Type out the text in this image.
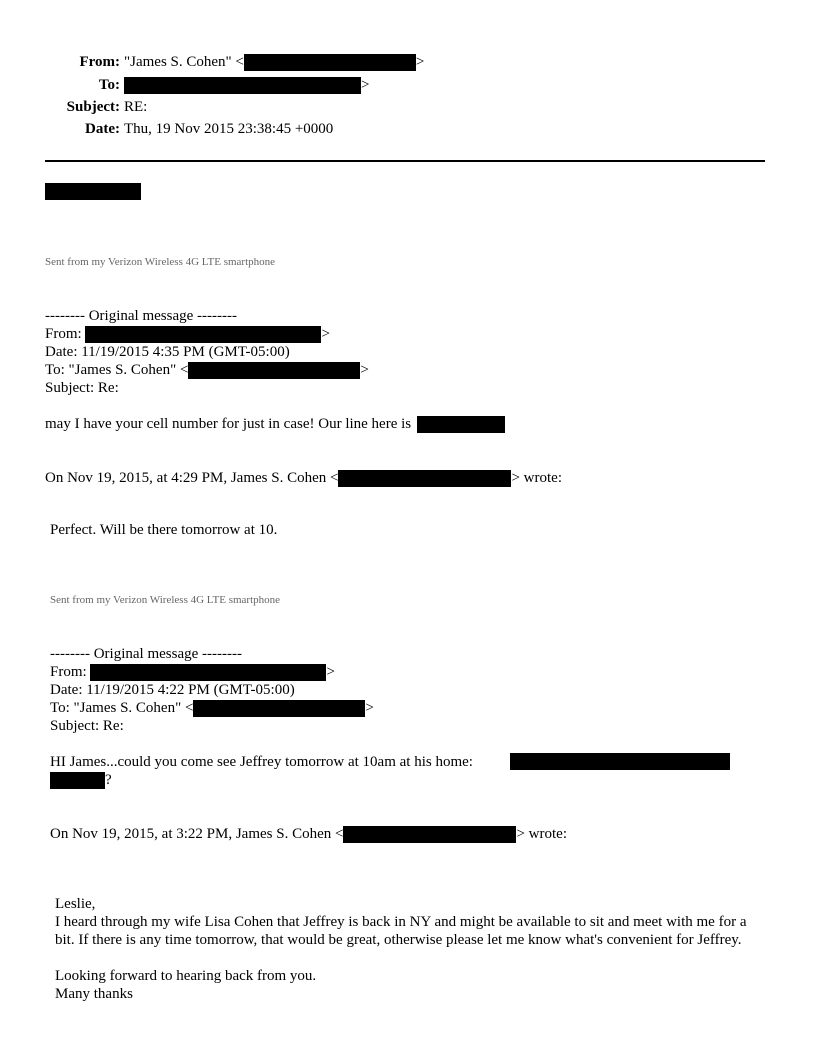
From: "James S. Cohen" <	>
To:	>
Subject: RE:
Date: Thu, 19 Nov 2015 23:38:45 +0000
Sent from my Verizon Wireless 4G LTE smartphone
-------- Original message --------
From:	>
Date: 11/19/2015 4:35 PM (GMT-05:00)
To: "James S. Cohen" <	>
Subject: Re:
may I have your cell number for just in case! Our line here is
On Nov 19, 2015, at 4:29 PM, James S. Cohen <	> wrote:
Perfect. Will be there tomorrow at 10.
Sent from my Verizon Wireless 4G LTE smartphone
-------- Original message --------
From:	>
Date: 11/19/2015 4:22 PM (GMT-05:00)
To: "James S. Cohen" <	>
Subject: Re:
HI James...could you come see Jeffrey tomorrow at 10am at his home:
?
On Nov 19, 2015, at 3:22 PM, James S. Cohen <	> wrote:
Leslie,
I heard through my wife Lisa Cohen that Jeffrey is back in NY and might be available to sit and meet with me for a bit. If there is any time tomorrow, that would be great, otherwise please let me know what's convenient for Jeffrey.
Looking forward to hearing back from you.
Many thanks
